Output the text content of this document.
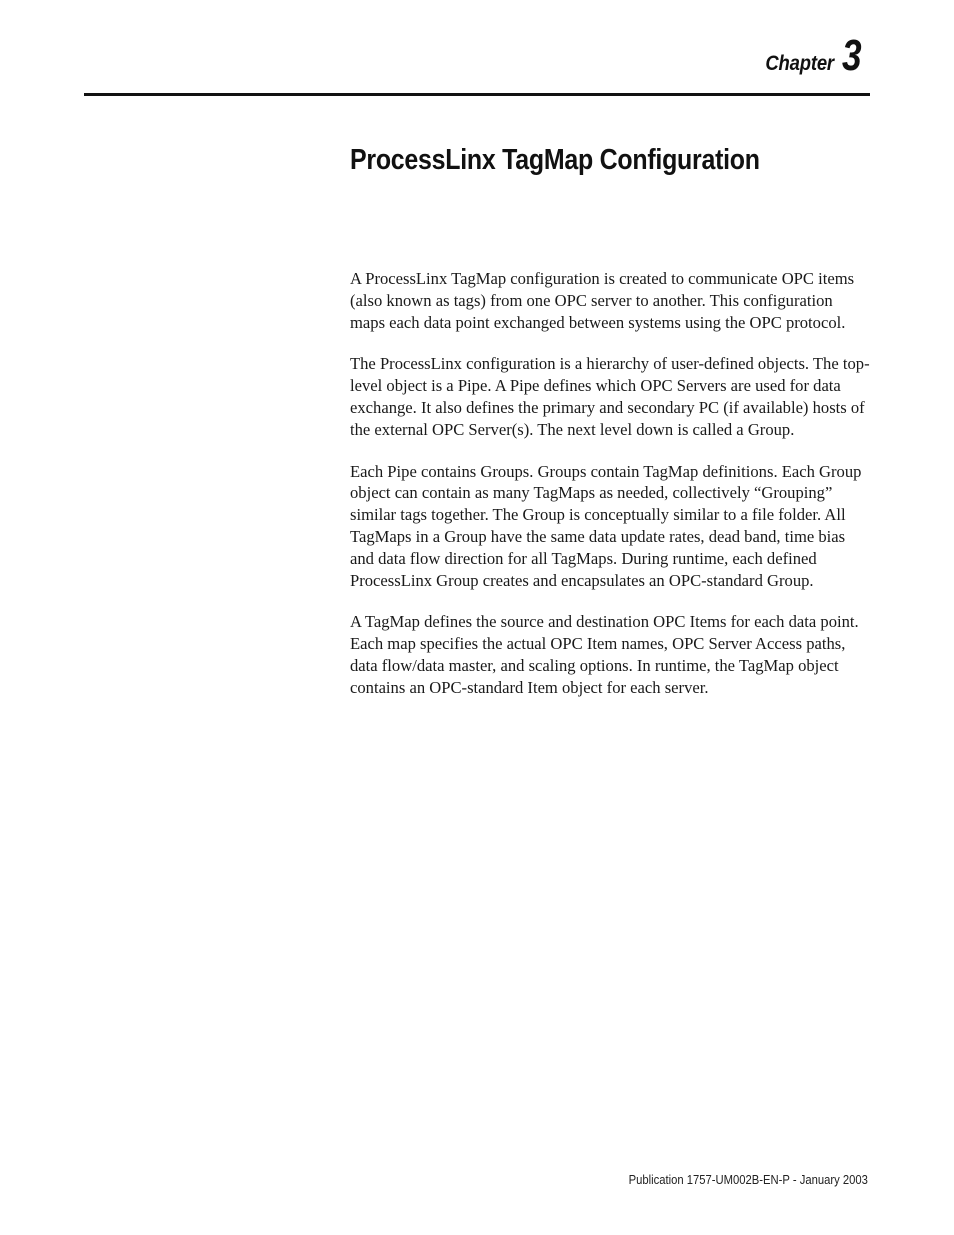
Chapter 3
ProcessLinx TagMap Configuration

A ProcessLinx TagMap configuration is created to communicate OPC items (also known as tags) from one OPC server to another. This configuration maps each data point exchanged between systems using the OPC protocol.

The ProcessLinx configuration is a hierarchy of user-defined objects. The top-level object is a Pipe. A Pipe defines which OPC Servers are used for data exchange. It also defines the primary and secondary PC (if available) hosts of the external OPC Server(s). The next level down is called a Group.

Each Pipe contains Groups. Groups contain TagMap definitions. Each Group object can contain as many TagMaps as needed, collectively “Grouping” similar tags together. The Group is conceptually similar to a file folder. All TagMaps in a Group have the same data update rates, dead band, time bias and data flow direction for all TagMaps. During runtime, each defined ProcessLinx Group creates and encapsulates an OPC-standard Group.

A TagMap defines the source and destination OPC Items for each data point. Each map specifies the actual OPC Item names, OPC Server Access paths, data flow/data master, and scaling options. In runtime, the TagMap object contains an OPC-standard Item object for each server.

Publication 1757-UM002B-EN-P - January 2003
